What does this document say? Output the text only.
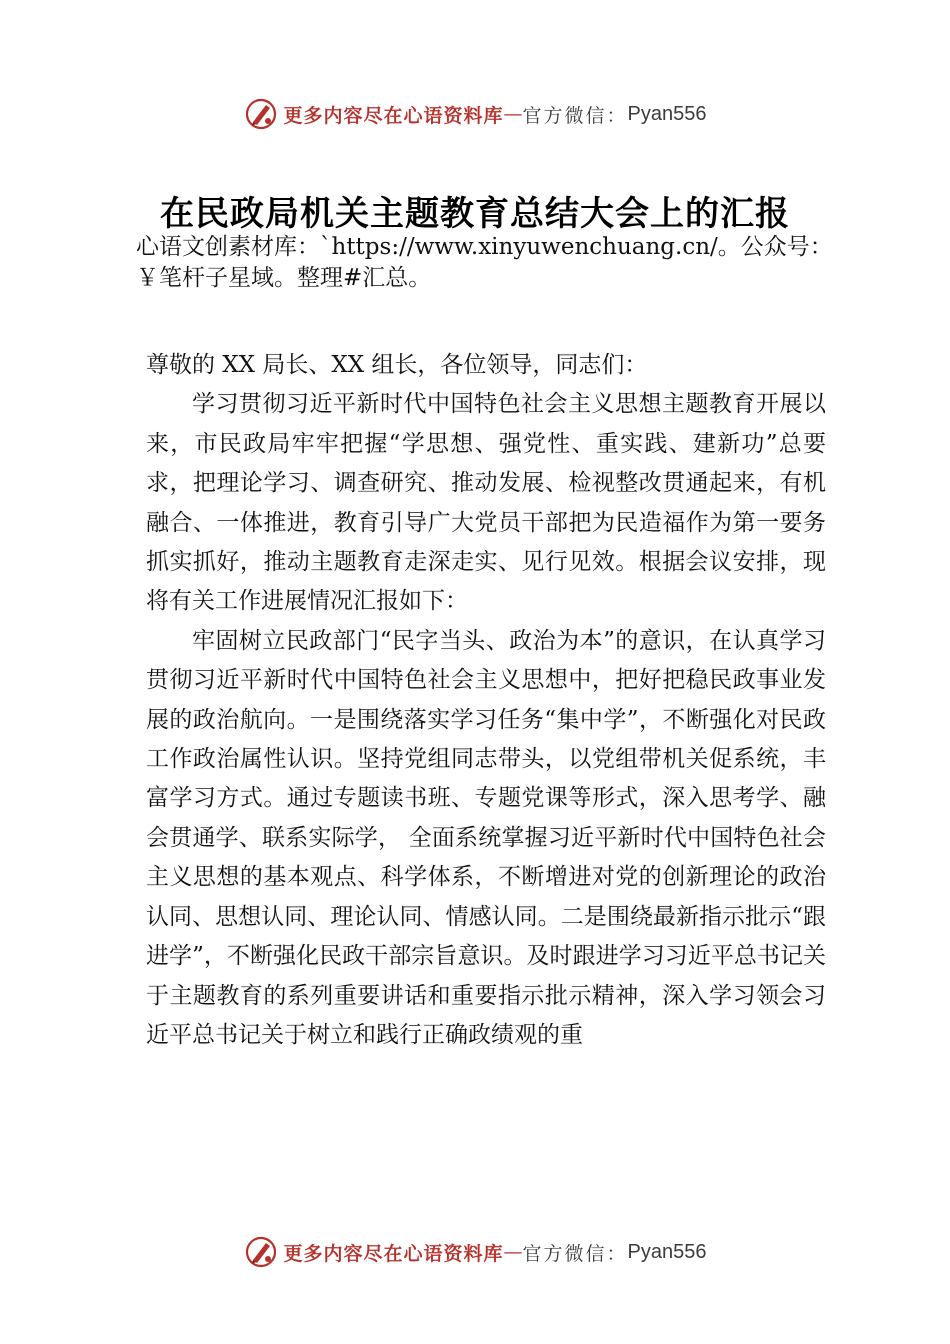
更多内容尽在心语资料库 — 官方微信： Pyan556
在民政局机关主题教育总结大会上的汇报
心语文创素材库：`https://www.xinyuwenchuang.cn/。公众号：￥笔杆子星域。整理#汇总。

尊敬的 XX 局长、XX 组长，各位领导，同志们：

学习贯彻习近平新时代中国特色社会主义思想主题教育开展以来，市民政局牢牢把握“学思想、强党性、重实践、建新功”总要求，把理论学习、调查研究、推动发展、检视整改贯通起来，有机融合、一体推进，教育引导广大党员干部把为民造福作为第一要务抓实抓好，推动主题教育走深走实、见行见效。根据会议安排，现将有关工作进展情况汇报如下：

牢固树立民政部门“民字当头、政治为本”的意识，在认真学习贯彻习近平新时代中国特色社会主义思想中，把好把稳民政事业发展的政治航向。一是围绕落实学习任务“集中学”，不断强化对民政工作政治属性认识。坚持党组同志带头，以党组带机关促系统，丰富学习方式。通过专题读书班、专题党课等形式，深入思考学、融会贯通学、联系实际学， 全面系统掌握习近平新时代中国特色社会主义思想的基本观点、科学体系，不断增进对党的创新理论的政治认同、思想认同、理论认同、情感认同。二是围绕最新指示批示“跟进学”，不断强化民政干部宗旨意识。及时跟进学习习近平总书记关于主题教育的系列重要讲话和重要指示批示精神，深入学习领会习近平总书记关于树立和践行正确政绩观的重

更多内容尽在心语资料库 — 官方微信： Pyan556
